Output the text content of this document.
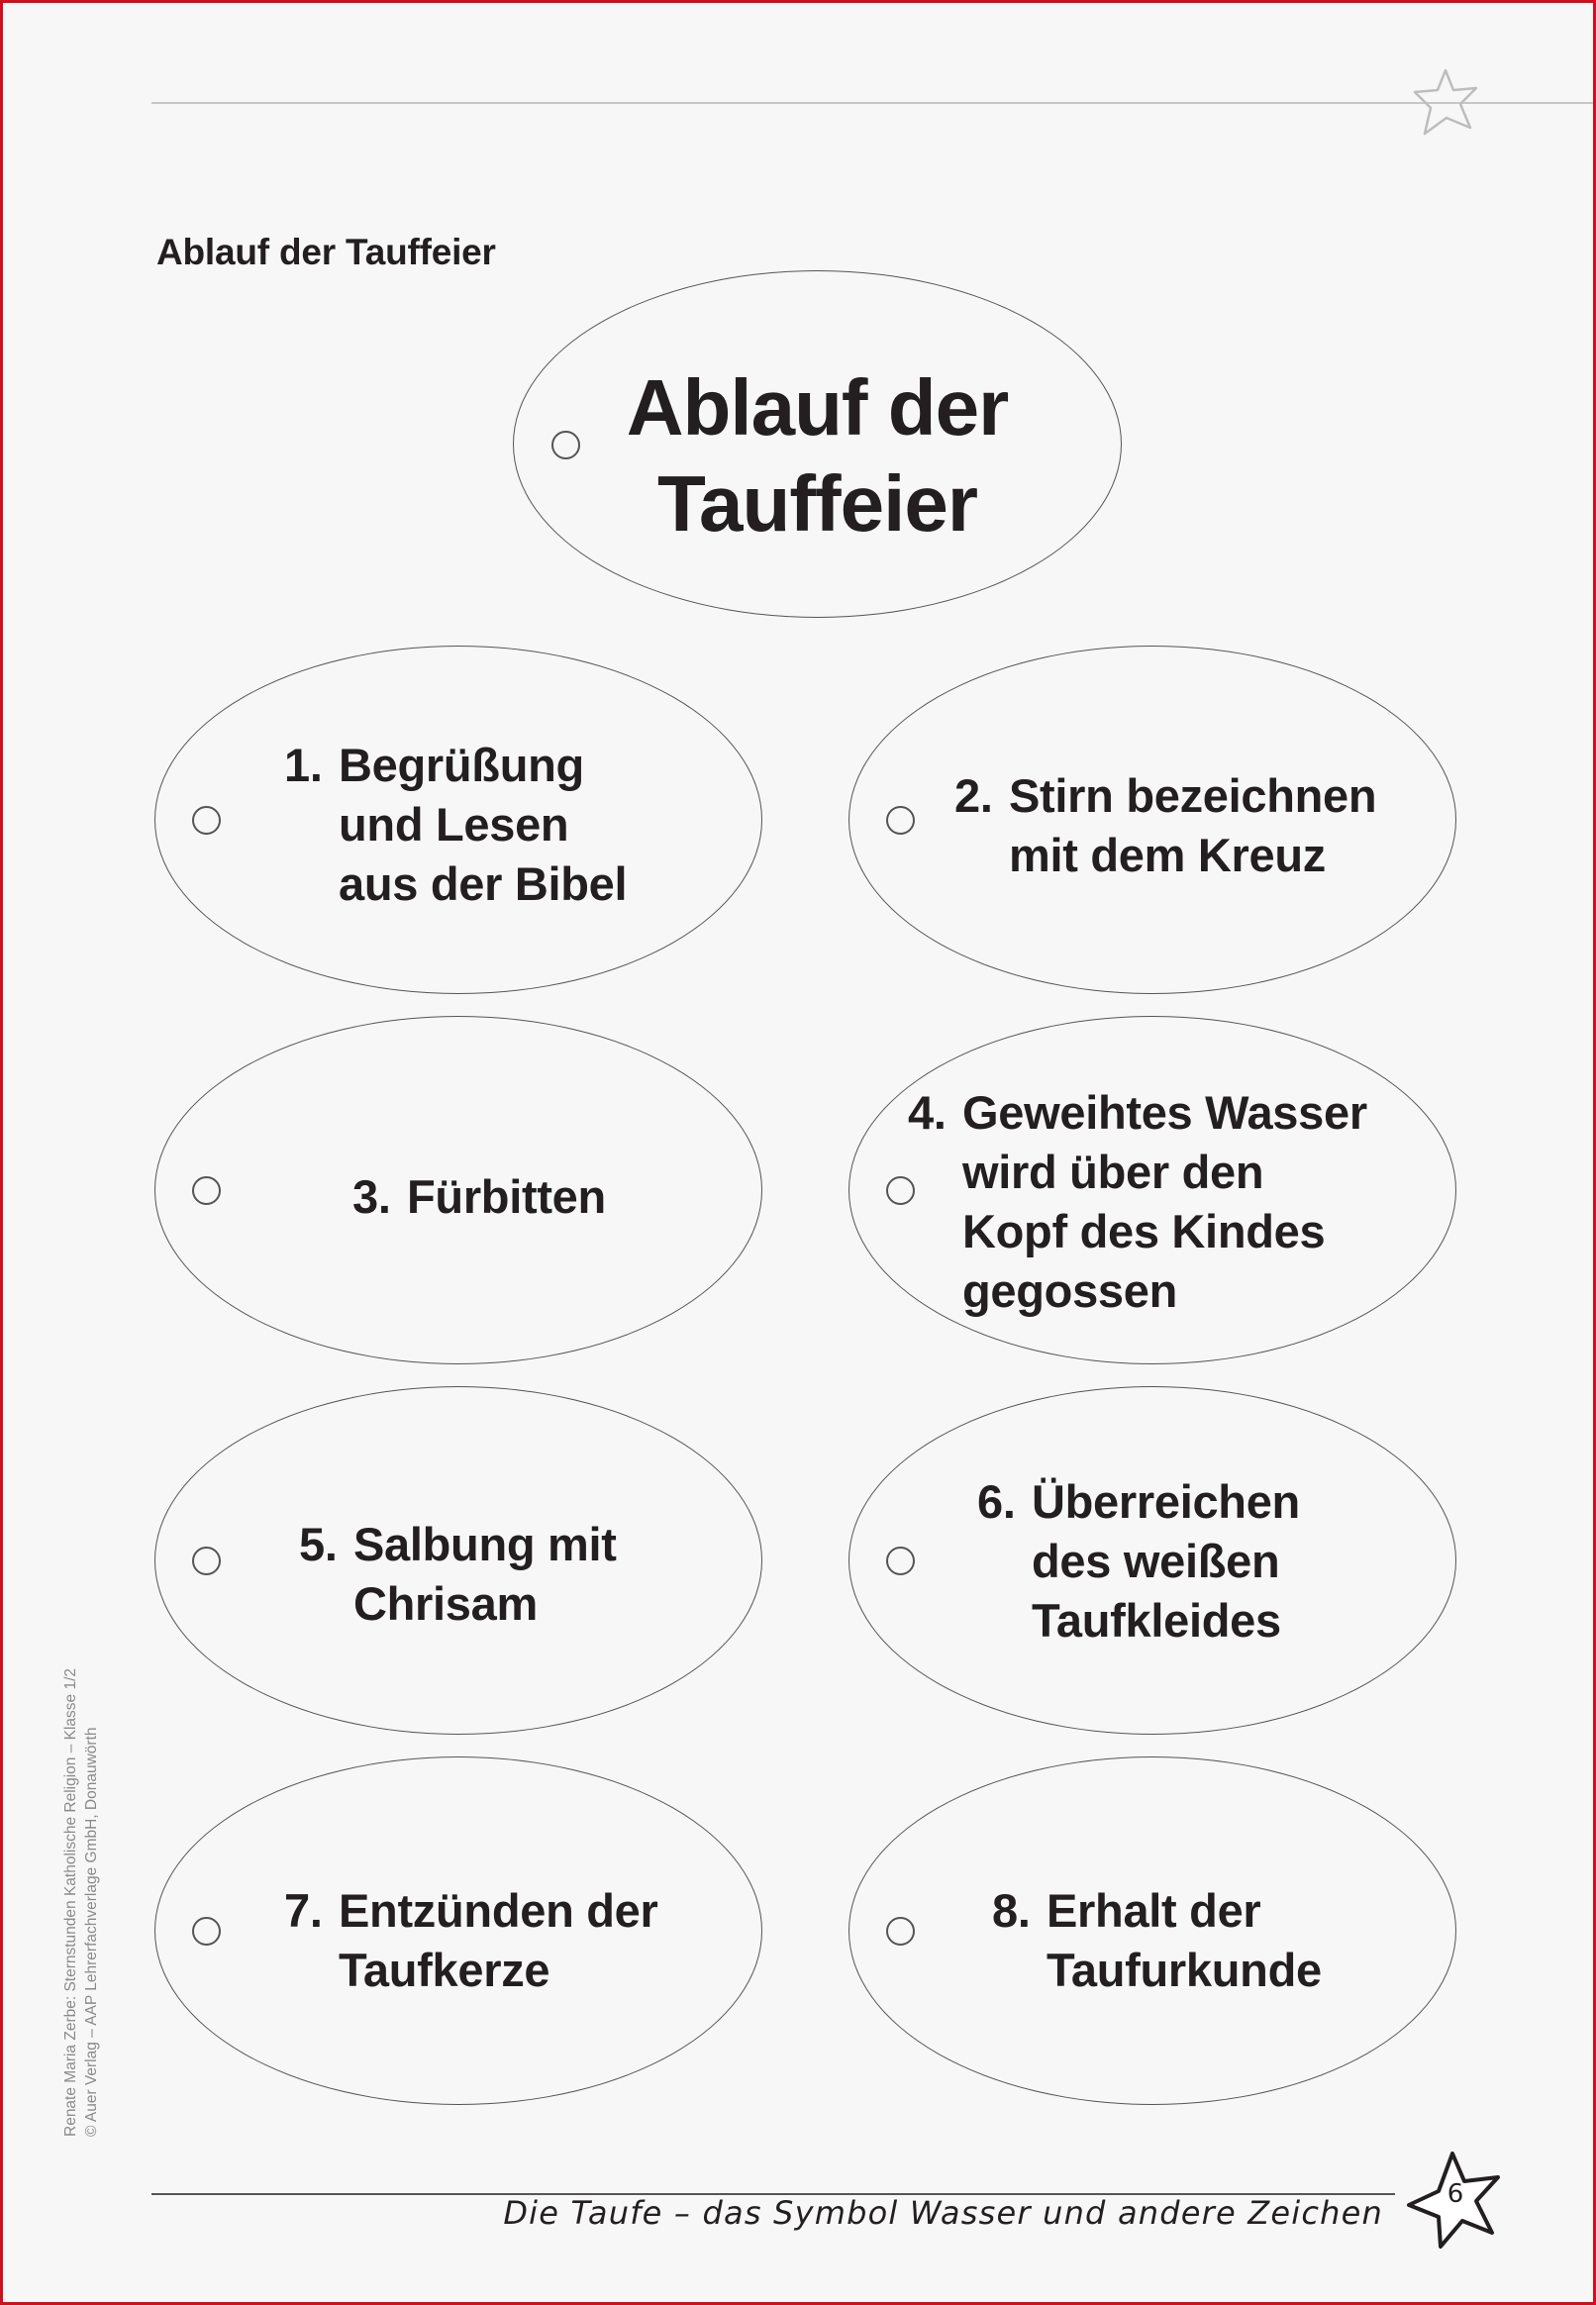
Ablauf der Tauffeier
Ablauf der
Tauffeier
1. Begrüßung
und Lesen
aus der Bibel
2. Stirn bezeichnen
mit dem Kreuz
3. Fürbitten
4. Geweihtes Wasser
wird über den
Kopf des Kindes
gegossen
5. Salbung mit
Chrisam
6. Überreichen
des weißen
Taufkleides
7. Entzünden der
Taufkerze
8. Erhalt der
Taufurkunde
Renate Maria Zerbe: Sternstunden Katholische Religion – Klasse 1/2 © Auer Verlag – AAP Lehrerfachverlage GmbH, Donauwörth
Die Taufe – das Symbol Wasser und andere Zeichen	6
